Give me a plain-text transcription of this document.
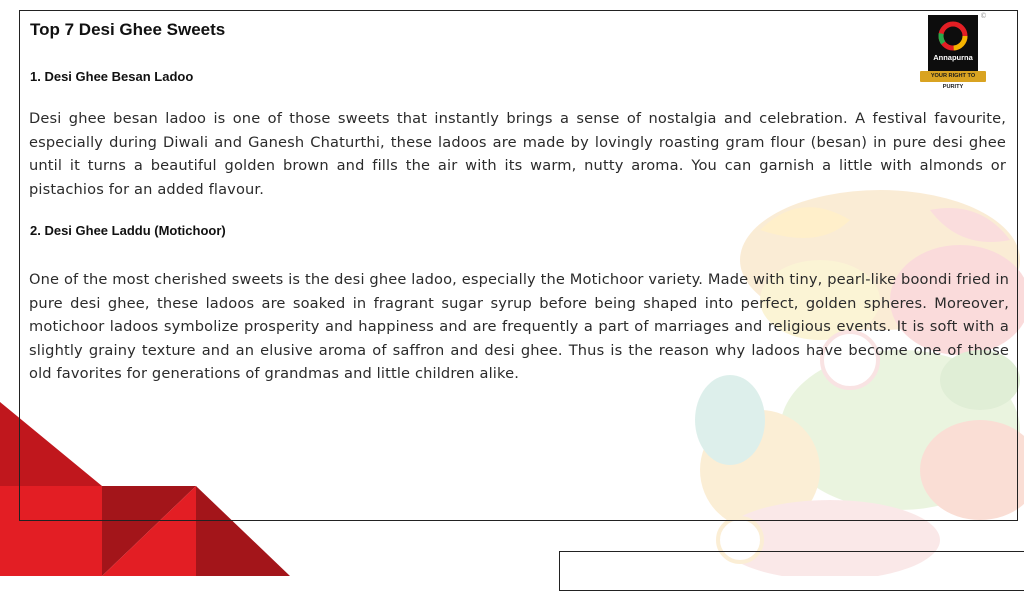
Top 7 Desi Ghee Sweets
1. Desi Ghee Besan Ladoo

Desi ghee besan ladoo is one of those sweets that instantly brings a sense of nostalgia and celebration. A festival favourite, especially during Diwali and Ganesh Chaturthi, these ladoos are made by lovingly roasting gram flour (besan) in pure desi ghee until it turns a beautiful golden brown and fills the air with its warm, nutty aroma. You can garnish a little with almonds or pistachios for an added flavour.

2. Desi Ghee Laddu (Motichoor)

One of the most cherished sweets is the desi ghee ladoo, especially the Motichoor variety. Made with tiny, pearl-like boondi fried in pure desi ghee, these ladoos are soaked in fragrant sugar syrup before being shaped into perfect, golden spheres. Moreover, motichoor ladoos symbolize prosperity and happiness and are frequently a part of marriages and religious events. It is soft with a slightly grainy texture and an elusive aroma of saffron and desi ghee. Thus is the reason why ladoos have become one of those old favorites for generations of grandmas and little children alike.

Annapurna
YOUR RIGHT TO PURITY
©
